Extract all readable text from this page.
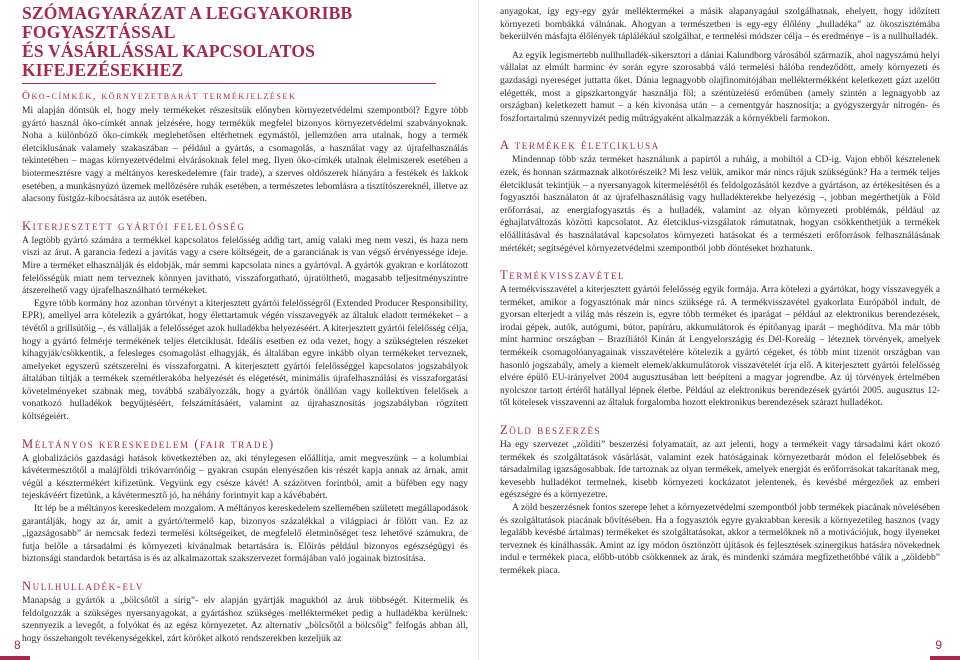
SZÓMAGYARÁZAT A LEGGYAKORIBB FOGYASZTÁSSAL
ÉS VÁSÁRLÁSSAL KAPCSOLATOS KIFEJEZÉSEKHEZ
Öko-címkék, környezetbarát termékjelzések

Mi alapján döntsük el, hogy mely termékeket részesítsük előnyben környezetvédelmi szempontból? Egyre több gyártó használ öko-címkét annak jelzésére, hogy termékük megfelel bizonyos környezetvédelmi szabványoknak. Noha a különböző öko-címkék meglehetősen eltérhetnek egymástól, jellemzően arra utalnak, hogy a termék életciklusának valamely szakaszában – például a gyártás, a csomagolás, a használat vagy az újrafelhasználás tekintetében – magas környezetvédelmi elvárásoknak felel meg. Ilyen öko-címkék utalnak élelmiszerek esetében a biotermesztésre vagy a méltányos kereskedelemre (fair trade), a szerves oldószerek hiányára a festékek és lakkok esetében, a munkásnyúzó üzemek mellőzésére ruhák esetében, a természetes lebomlásra a tisztítószereknél, illetve az alacsony füstgáz-kibocsátásra az autók esetében.

Kiterjesztett gyártói felelősség

A legtöbb gyártó számára a termékkel kapcsolatos felelősség addig tart, amíg valaki meg nem veszi, és haza nem viszi az árut. A garancia fedezi a javítás vagy a csere költségeit, de a garanciának is van végső érvényessége ideje. Mire a terméket elhasználják és eldobják, már semmi kapcsolata nincs a gyártóval. A gyártók gyakran e korlátozott felelősségük miatt nem terveznek könnyen javítható, visszaforgatható, újratölthető, magasabb teljesítményszintre átszerelhető vagy újrafelhasználható termékeket.

Egyre több kormány hoz azonban törvényt a kiterjesztett gyártói felelősségről (Extended Producer Responsibility, EPR), amellyel arra kötelezik a gyártókat, hogy élettartamuk végén visszavegyék az általuk eladott termékeket – a tévétől a grillsütőig –, és vállalják a felelősséget azok hulladékba helyezéséért. A kiterjesztett gyártói felelősség célja, hogy a gyártó felmérje termékének teljes életciklusát. Ideális esetben ez oda vezet, hogy a szükségtelen részeket kihagyják/csökkentik, a felesleges csomagolást elhagyják, és általában egyre inkább olyan termékeket terveznek, amelyeket egyszerű szétszerelni és visszaforgatni. A kiterjesztett gyártói felelősséggel kapcsolatos jogszabályok általában tiltják a termékek szemétlerakóba helyezését és elégetését, minimális újrafelhasználási és visszaforgatási követelményeket szabnak meg, továbbá szabályozzák, hogy a gyártók önállóan vagy kollektíven felelősek a vonatkozó hulladékok begyűjtéséért, felszámításáért, valamint az újrahasznosítás jogszabályban rögzített költségeiért.

Méltányos kereskedelem (fair trade)

A globalizációs gazdasági hatások következtében az, aki ténylegesen előállítja, amit megveszünk – a kolumbiai kávétermesztőtől a malájföldi trikóvarrónőig – gyakran csupán elenyészően kis részét kapja annak az árnak, amit végül a késztermékért kifizetünk. Vegyünk egy csésze kávét! A százötven forintból, amit a büfében egy nagy tejeskávéért fizetünk, a kávétermesztő jó, ha néhány forintnyit kap a kávébabért.

Itt lép be a méltányos kereskedelem mozgalom. A méltányos kereskedelem szellemében született megállapodások garantálják, hogy az ár, amit a gyártó/termelő kap, bizonyos százalékkal a világpiaci ár fölött van. Ez az „igazságosabb” ár nemcsak fedezi termelési költségeiket, de megfelelő életminőséget tesz lehetővé számukra, de futja belőle a társadalmi és környezeti kívánalmak betartására is. Előírás például bizonyos egészségügyi és biztonsági standardok betartása is és az alkalmazottak szakszervezet formájában való jogainak biztosítása.

Nullhulladék-elv

Manapság a gyártók a „bölcsőtől a sírig”- elv alapján gyártják magukból az áruk többségét. Kitermelik és feldolgozzák a szükséges nyersanyagokat, a gyártáshoz szükséges mellékterméket pedig a hulladékba kerülnek: szennyezik a levegőt, a folyókat és az egész környezetet. Az alternatív „bölcsőtől a bölcsőig” felfogás abban áll, hogy összehangolt tevékenységekkel, zárt köröket alkotó rendszerekben kezeljük az

anyagokat, így egy-egy gyár melléktermékei a másik alapanyagául szolgálhatnak, ehelyett, hogy időzített környezeti bombákká válnának. Ahogyan a természetben is egy-egy élőlény „hulladéka” az ökoszisztémába bekerülvén másfajta élőlények táplálékául szolgálhat, e termelési módszer célja – és eredménye – is a nullhulladék.

Az egyik legismertebb nullhulladék-sikersztori a dániai Kalundborg városából származik, ahol nagyszámú helyi vállalat az elmúlt harminc év során egyre szorosabbá váló termelési hálóba rendeződött, amely környezeti és gazdasági nyereséget juttatta őket. Dánia legnagyobb olajfinomítójában melléktermékként keletkezett gázt azelőtt elégették, most a gipszkartongyár használja föl; a széntüzelésű erőműben (amely szintén a legnagyobb az országban) keletkezett hamut – a kén kivonása után – a cementgyár hasznosítja; a gyógyszergyár nitrogén- és foszfortartalmú szennyvizét pedig műtrágyaként alkalmazzák a környékbeli farmokon.

A termékek életciklusa

Mindennap több száz terméket használunk a papírtól a ruháig, a mobiltól a CD-ig. Vajon ebből késztelenek ezek, és honnan származnak alkotórészeik? Mi lesz velük, amikor már nincs rájuk szükségünk? Ha a termék teljes életciklusát tekintjük – a nyersanyagok kitermelésétől és feldolgozásától kezdve a gyártáson, az értékesítésen és a fogyasztói használaton át az újrafelhasználásig vagy hulladékterekbe helyezésig –, jobban megérthetjük a Föld erőforrásai, az energiafogyasztás és a hulladék, valamint az olyan környezeti problémák, például az éghajlatváltozás közötti kapcsolatot. Az életciklus-vizsgálatok rámutatnak, hogyan csökkenthetjük a termékek előállításával és használatával kapcsolatos környezeti hatásokat és a természeti erőforrások felhasználásának mértékét; segítségével környezetvédelmi szempontból jobb döntéseket hozhatunk.

Termékvisszavétel

A termékvisszavétel a kiterjesztett gyártói felelősség egyik formája. Arra kötelezi a gyártókat, hogy visszavegyék a terméket, amikor a fogyasztónak már nincs szüksége rá. A termékvisszavétel gyakorlata Európából indult, de gyorsan elterjedt a világ más részein is, egyre több terméket és iparágat – például az elektronikus berendezések, irodai gépek, autók, autógumi, bútor, papíráru, akkumulátorok és építőanyag iparát – meghódítva. Ma már több mint harminc országban – Brazíliától Kínán át Lengyelországig és Dél-Koreáig – léteznek törvények, amelyek termékeik csomagolóanyagainak visszavételére kötelezik a gyártó cégeket, és több mint tizenöt országban van hasonló jogszabály, amely a kiemelt elemek/akkumulátorok visszavételét írja elő. A kiterjesztett gyártói felelősség elvére épülő EU-irányelvet 2004 augusztusában lett beépíteni a magyar jogrendbe. Az új törvények értelmében nyolcszor tartott értéről hatállyal lépnek életbe. Például az elektronikus berendezések gyártói 2005. augusztus 12-től kötelesek visszavenni az általuk forgalomba hozott elektronikus berendezések szárazt hulladékot.

Zöld beszerzés

Ha egy szervezet „zöldíti” beszerzési folyamatait, az azt jelenti, hogy a termékeit vagy társadalmi kárt okozó termékek és szolgáltatások vásárlását, valamint ezek hatóságainak környezetbarát módon el felelősebbek és társadalmilag igazságosabbak. Ide tartoznak az olyan termékek, amelyek energiát és erőforrásokat takarítanak meg, kevesebb hulladékot termelnek, kisebb környezeti kockázatot jelentenek, és kevésbé mérgezőek az emberi egészségre és a környezetre.

A zöld beszerzésnek fontos szerepe lehet a környezetvédelmi szempontból jobb termékek piacának növelésében és szolgáltatások piacának bővítésében. Ha a fogyasztók egyre gyakrabban keresik a környezetileg hasznos (vagy legalább kevésbé ártalmas) termékeket és szolgáltatásokat, akkor a termelőknek nő a motivációjuk, hogy ilyeneket terveznek és kínálhassák. Amint az így módon ösztönzött újítások és fejlesztések szinergikus hatására növekednek indul e termékek piaca, előbb-utóbb csökkennek az árak, és mindenki számára megfizethetőbbé válik a „zöldebb” termékek piaca.

8	9
